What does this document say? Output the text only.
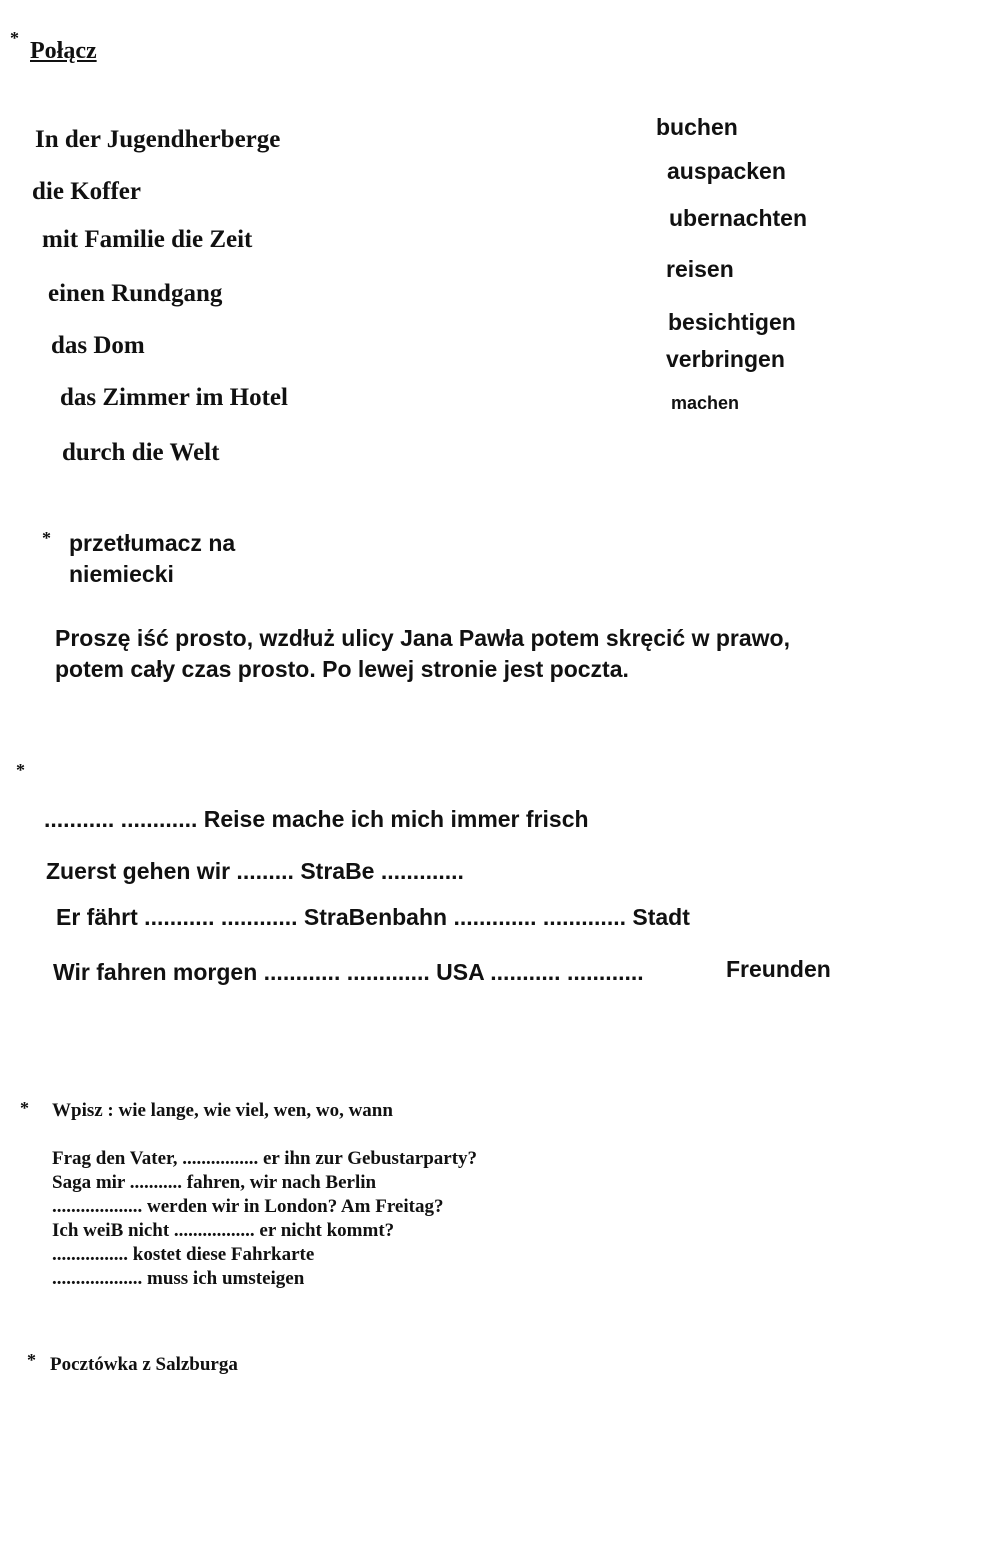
* Połącz
In der Jugendherberge
die Koffer
mit Familie die Zeit
einen Rundgang
das Dom
das Zimmer im Hotel
durch die Welt
buchen
auspacken
ubernachten
reisen
besichtigen
verbringen
machen
* przetłumacz na
niemiecki
Proszę iść prosto, wzdłuż ulicy Jana Pawła potem skręcić w prawo,
potem cały czas prosto. Po lewej stronie jest poczta.
*
........... ............ Reise mache ich mich immer frisch
Zuerst gehen wir ......... StraBe .............
Er fährt ........... ............ StraBenbahn ............. ............. Stadt
Wir fahren morgen ............ ............. USA ........... ............	Freunden
* Wpisz : wie lange, wie viel, wen, wo, wann
Frag den Vater, ................ er ihn zur Gebustarparty?
Saga mir ........... fahren, wir nach Berlin
................... werden wir in London? Am Freitag?
Ich weiB nicht ................. er nicht kommt?
................ kostet diese Fahrkarte
................... muss ich umsteigen
* Pocztówka z Salzburga
